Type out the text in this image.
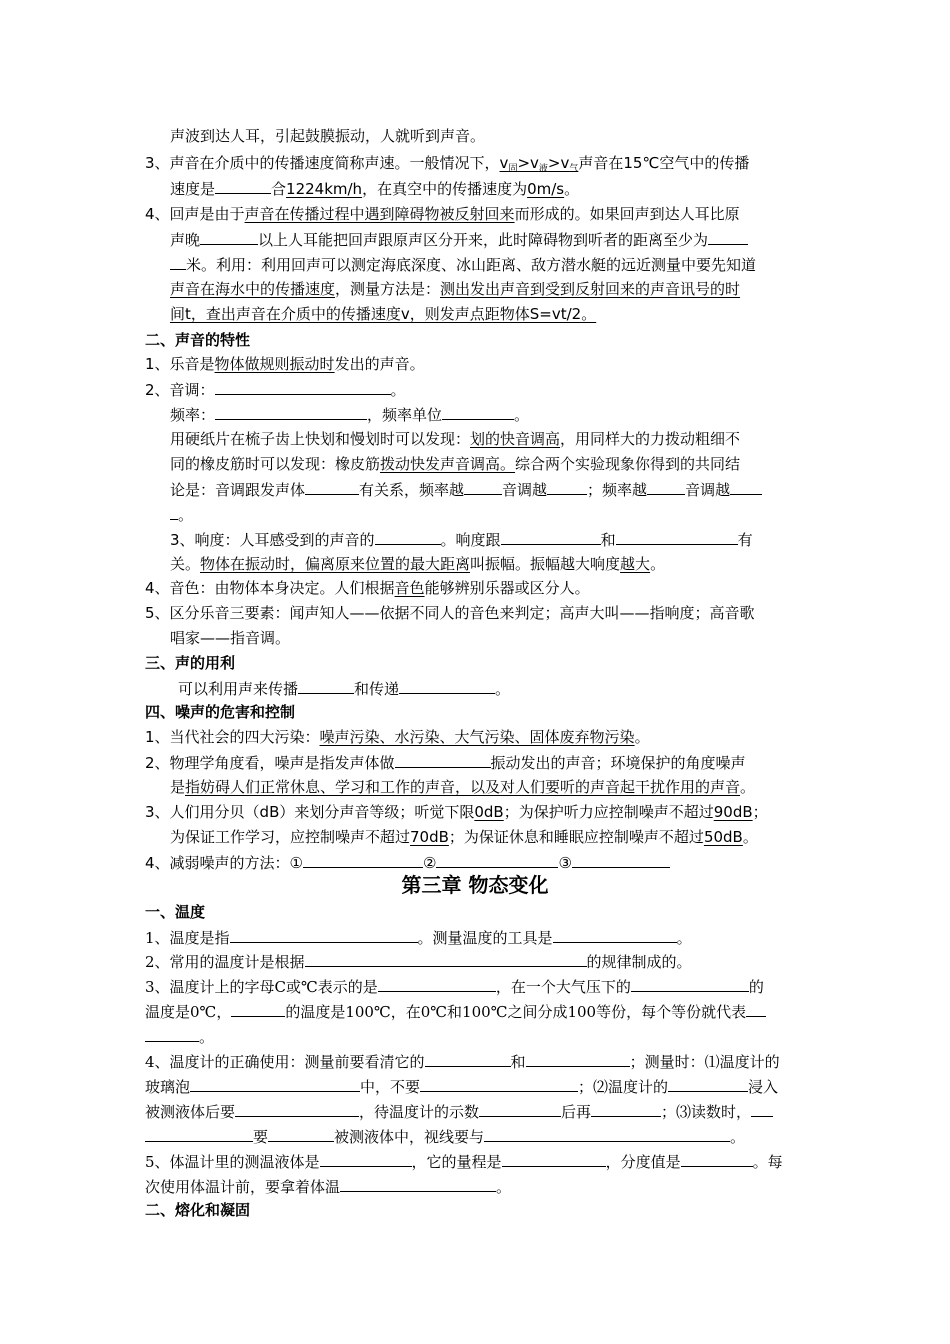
声波到达人耳，引起鼓膜振动，人就听到声音。
3、声音在介质中的传播速度简称声速。一般情况下，$v_固>v_液>v_气$声音在15℃空气中的传播
速度是	合1224km/h，在真空中的传播速度为0m/s。
4、回声是由于声音在传播过程中遇到障碍物被反射回来而形成的。如果回声到达人耳比原
声晚	以上人耳能把回声跟原声区分开来，此时障碍物到听者的距离至少为
米。利用：利用回声可以测定海底深度、冰山距离、敌方潜水艇的远近测量中要先知道
声音在海水中的传播速度，测量方法是：测出发出声音到受到反射回来的声音讯号的时
间t，查出声音在介质中的传播速度v，则发声点距物体S=vt/2。
二、声音的特性
1、乐音是物体做规则振动时发出的声音。
2、音调：	。
频率：	，频率单位	。
用硬纸片在梳子齿上快划和慢划时可以发现：划的快音调高，用同样大的力拨动粗细不
同的橡皮筋时可以发现：橡皮筋拨动快发声音调高。综合两个实验现象你得到的共同结
论是：音调跟发声体	有关系，频率越	音调越	；频率越	音调越
。
3、响度：人耳感受到的声音的	。响度跟	和	有
关。物体在振动时，偏离原来位置的最大距离叫振幅。振幅越大响度越大。
4、音色：由物体本身决定。人们根据音色能够辨别乐器或区分人。
5、区分乐音三要素：闻声知人——依据不同人的音色来判定；高声大叫——指响度；高音歌
唱家——指音调。
三、声的用利
可以利用声来传播	和传递	。
四、噪声的危害和控制
1、当代社会的四大污染：噪声污染、水污染、大气污染、固体废弃物污染。
2、物理学角度看，噪声是指发声体做	振动发出的声音；环境保护的角度噪声
是指妨碍人们正常休息、学习和工作的声音，以及对人们要听的声音起干扰作用的声音。
3、人们用分贝（dB）来划分声音等级；听觉下限0dB；为保护听力应控制噪声不超过90dB；
为保证工作学习，应控制噪声不超过70dB；为保证休息和睡眠应控制噪声不超过50dB。
4、减弱噪声的方法：①	②	③
第三章 物态变化
一、温度
1、温度是指	。测量温度的工具是	。
2、常用的温度计是根据	的规律制成的。
3、温度计上的字母C或℃表示的是	，在一个大气压下的	的
温度是0℃，	的温度是100℃，在0℃和100℃之间分成100等份，每个等份就代表
。
4、温度计的正确使用：测量前要看清它的	和	；测量时：⑴温度计的
玻璃泡	中，不要	；⑵温度计的	浸入
被测液体后要	，待温度计的示数	后再	；⑶读数时，
要	被测液体中，视线要与	。
5、体温计里的测温液体是	，它的量程是	，分度值是	。每
次使用体温计前，要拿着体温	。
二、熔化和凝固
